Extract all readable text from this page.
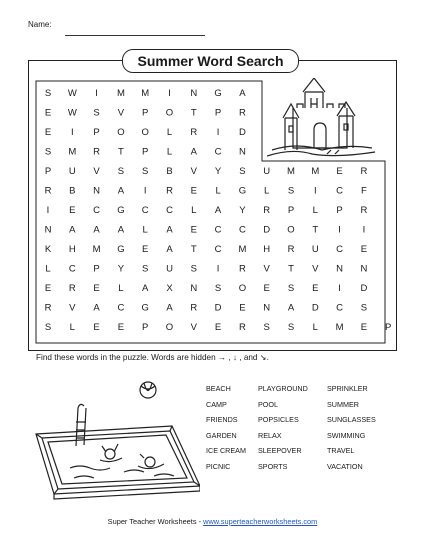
Name:
Summer Word Search
S W I M M I N G A
E W S V P O T P R
E I P O O L R I D
S M R T P L A C N
P U V S S B V Y S U M M E R
R B N A I R E L G L S I C F
I E C G C C L A Y R P L P R
N A A A L A E C C D O T I I
K H M G E A T C M H R U C E
L C P Y S U S I R V T V N N
E R E L A X N S O E S E I D
R V A C G A R D E N A D C S
S L E E P O V E R S S L M E P
Find these words in the puzzle. Words are hidden → , ↓ , and ↘.
BEACH
CAMP
FRIENDS
GARDEN
ICE CREAM
PICNIC
PLAYGROUND
POOL
POPSICLES
RELAX
SLEEPOVER
SPORTS
SPRINKLER
SUMMER
SUNGLASSES
SWIMMING
TRAVEL
VACATION
Super Teacher Worksheets - www.superteacherworksheets.com
